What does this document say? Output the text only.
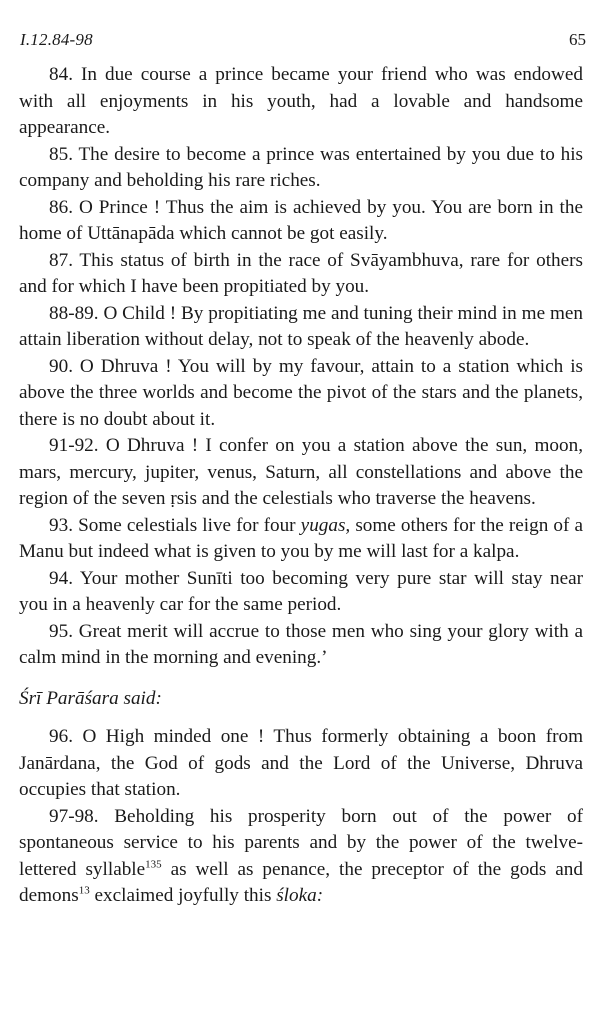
I.12.84-98	65

84. In due course a prince became your friend who was endowed with all enjoyments in his youth, had a lovable and handsome appearance.

85. The desire to become a prince was entertained by you due to his company and beholding his rare riches.

86. O Prince ! Thus the aim is achieved by you. You are born in the home of Uttānapāda which cannot be got easily.

87. This status of birth in the race of Svāyambhuva, rare for others and for which I have been propitiated by you.

88-89. O Child ! By propitiating me and tuning their mind in me men attain liberation without delay, not to speak of the heavenly abode.

90. O Dhruva ! You will by my favour, attain to a station which is above the three worlds and become the pivot of the stars and the planets, there is no doubt about it.

91-92. O Dhruva ! I confer on you a station above the sun, moon, mars, mercury, jupiter, venus, Saturn, all constellations and above the region of the seven ṛsis and the celestials who traverse the heavens.

93. Some celestials live for four yugas, some others for the reign of a Manu but indeed what is given to you by me will last for a kalpa.

94. Your mother Sunīti too becoming very pure star will stay near you in a heavenly car for the same period.

95. Great merit will accrue to those men who sing your glory with a calm mind in the morning and evening.’

Śrī Parāśara said:

96. O High minded one ! Thus formerly obtaining a boon from Janārdana, the God of gods and the Lord of the Universe, Dhruva occupies that station.

97-98. Beholding his prosperity born out of the power of spontaneous service to his parents and by the power of the twelve-lettered syllable$^{135}$ as well as penance, the preceptor of the gods and demons$^{13}$ exclaimed joyfully this śloka:
